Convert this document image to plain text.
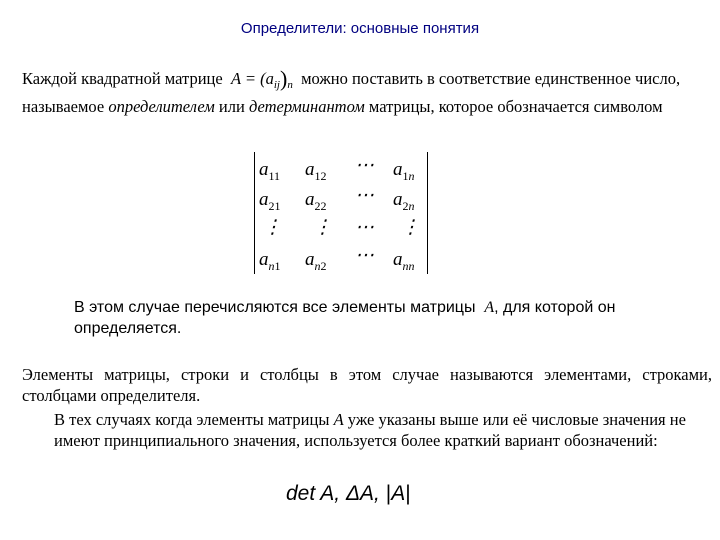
Определители: основные понятия

Каждой квадратной матрице $A = (a_{ij})_n$ можно поставить в соответствие единственное число, называемое определителем или детерминантом матрицы, которое обозначается символом

$a_{11}$ $a_{12}$ ⋯ $a_{1n}$
$a_{21}$ $a_{22}$ ⋯ $a_{2n}$
⋮ ⋮ ⋯ ⋮
$a_{n1}$ $a_{n2}$ ⋯ $a_{nn}$

В этом случае перечисляются все элементы матрицы A, для которой он определяется.

Элементы матрицы, строки и столбцы в этом случае называются элементами, строками, столбцами определителя.

В тех случаях когда элементы матрицы A уже указаны выше или её числовые значения не имеют принципиального значения, используется более краткий вариант обозначений:

det A, ΔA, |A|
